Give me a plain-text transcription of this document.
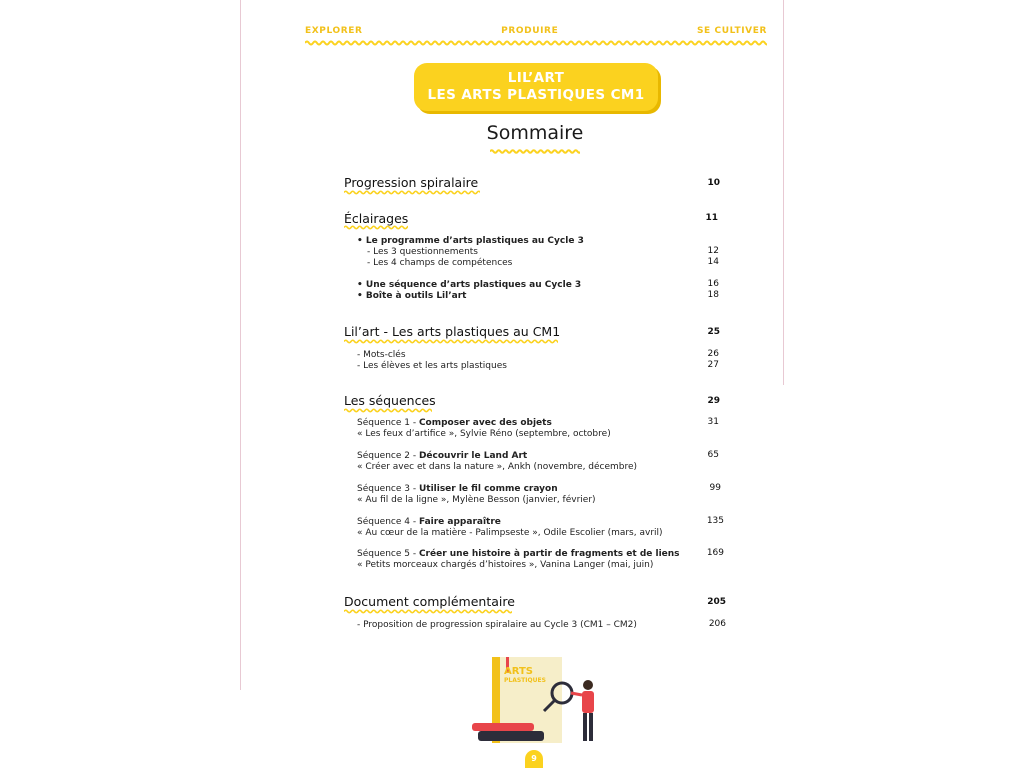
EXPLORER	PRODUIRE	SE CULTIVER
LIL’ART
LES ARTS PLASTIQUES CM1
Sommaire
Progression spiralaire	10
Éclairages	11
• Le programme d’arts plastiques au Cycle 3
- Les 3 questionnements	12
- Les 4 champs de compétences	14
• Une séquence d’arts plastiques au Cycle 3	16
• Boîte à outils Lil’art	18
Lil’art - Les arts plastiques au CM1	25
- Mots-clés	26
- Les élèves et les arts plastiques	27
Les séquences	29
Séquence 1 - Composer avec des objets	31
« Les feux d’artifice », Sylvie Réno (septembre, octobre)
Séquence 2 - Découvrir le Land Art	65
« Créer avec et dans la nature », Ankh (novembre, décembre)
Séquence 3 - Utiliser le fil comme crayon	99
« Au fil de la ligne », Mylène Besson (janvier, février)
Séquence 4 - Faire apparaître	135
« Au cœur de la matière - Palimpseste », Odile Escolier (mars, avril)
Séquence 5 - Créer une histoire à partir de fragments et de liens	169
« Petits morceaux chargés d’histoires », Vanina Langer (mai, juin)
Document complémentaire	205
- Proposition de progression spiralaire au Cycle 3 (CM1 – CM2)	206
ARTS
PLASTIQUES
9
